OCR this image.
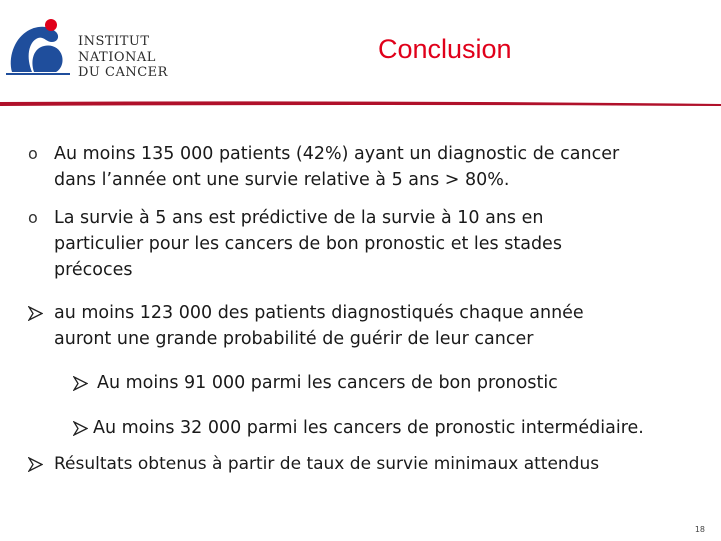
INSTITUT
NATIONAL
DU CANCER
Conclusion
o Au moins 135 000 patients (42%) ayant un diagnostic de cancer
dans l’année ont une survie relative à 5 ans > 80%.
o La survie à 5 ans est prédictive de la survie à 10 ans en
particulier pour les cancers de bon pronostic et les stades
précoces
au moins 123 000 des patients diagnostiqués chaque année
auront une grande probabilité de guérir de leur cancer
Au moins 91 000 parmi les cancers de bon pronostic
Au moins 32 000 parmi les cancers de pronostic intermédiaire.
Résultats obtenus à partir de taux de survie minimaux attendus
18
